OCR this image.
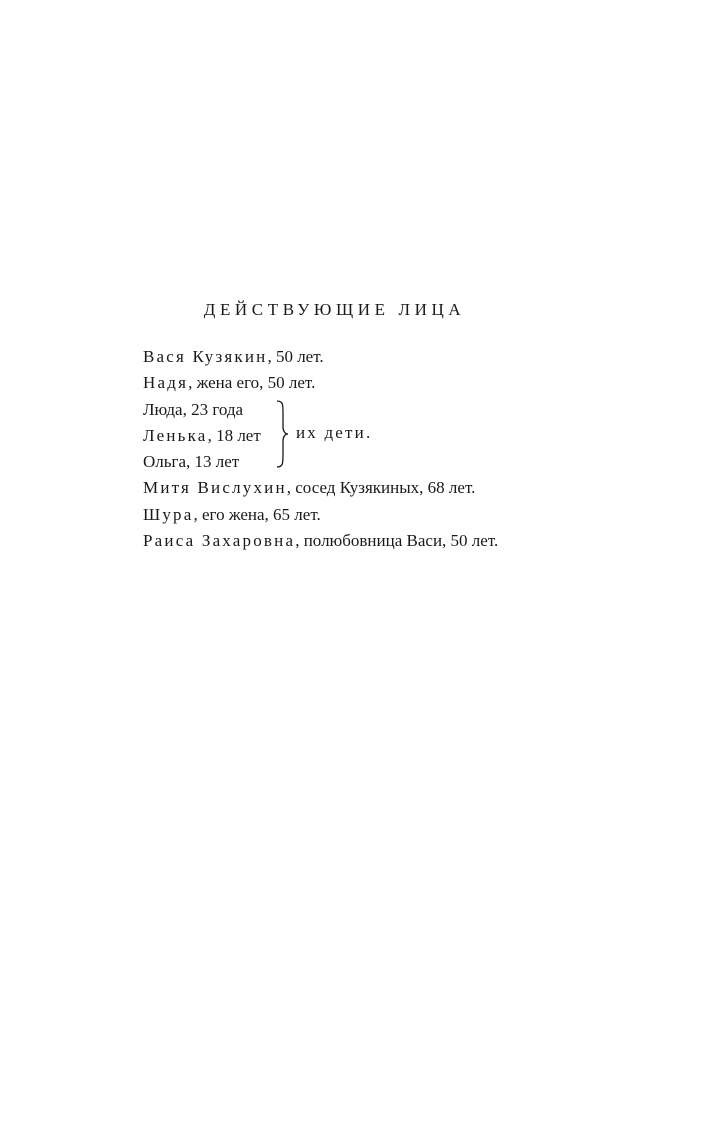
ДЕЙСТВУЮЩИЕ ЛИЦА
Вася Кузякин, 50 лет.
Надя, жена его, 50 лет.
Люда, 23 года
Ленька, 18 лет
Ольга, 13 лет
Митя Вислухин, сосед Кузякиных, 68 лет.
Шура, его жена, 65 лет.
Раиса Захаровна, полюбовница Васи, 50 лет.
их дети.
